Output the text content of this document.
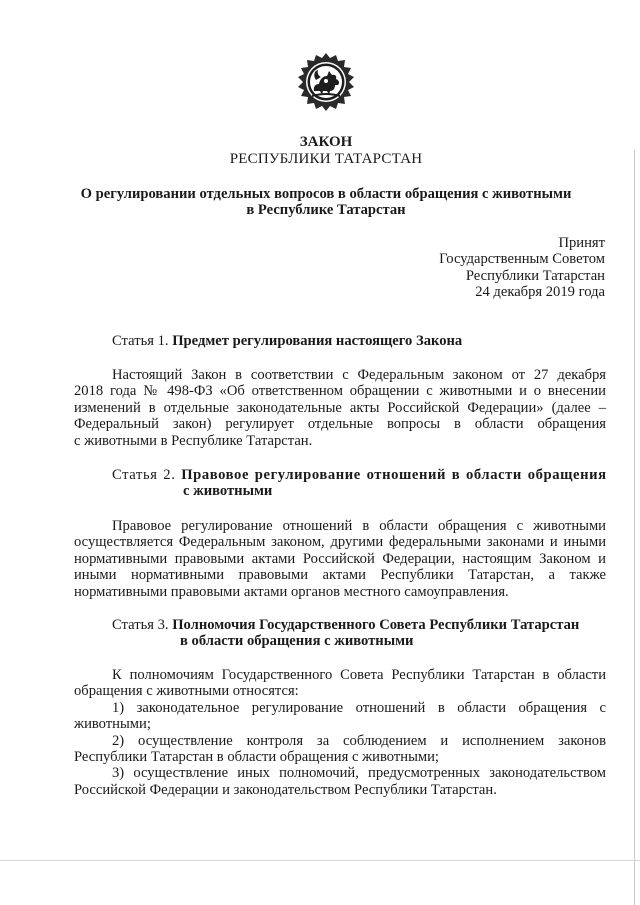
ЗАКОН
РЕСПУБЛИКИ ТАТАРСТАН
О регулировании отдельных вопросов в области обращения с животными
в Республике Татарстан
Принят
Государственным Советом
Республики Татарстан
24 декабря 2019 года
Статья 1. Предмет регулирования настоящего Закона
Настоящий Закон в соответствии с Федеральным законом от 27 декабря
2018 года № 498-ФЗ «Об ответственном обращении с животными и о внесении
изменений в отдельные законодательные акты Российской Федерации» (далее –
Федеральный закон) регулирует отдельные вопросы в области обращения
с животными в Республике Татарстан.
Статья 2. Правовое регулирование отношений в области обращения
с животными
Правовое регулирование отношений в области обращения с животными
осуществляется Федеральным законом, другими федеральными законами и иными
нормативными правовыми актами Российской Федерации, настоящим Законом и
иными нормативными правовыми актами Республики Татарстан, а также
нормативными правовыми актами органов местного самоуправления.
Статья 3. Полномочия Государственного Совета Республики Татарстан
в области обращения с животными
К полномочиям Государственного Совета Республики Татарстан в области
обращения с животными относятся:
1) законодательное регулирование отношений в области обращения с
животными;
2) осуществление контроля за соблюдением и исполнением законов
Республики Татарстан в области обращения с животными;
3) осуществление иных полномочий, предусмотренных законодательством
Российской Федерации и законодательством Республики Татарстан.
